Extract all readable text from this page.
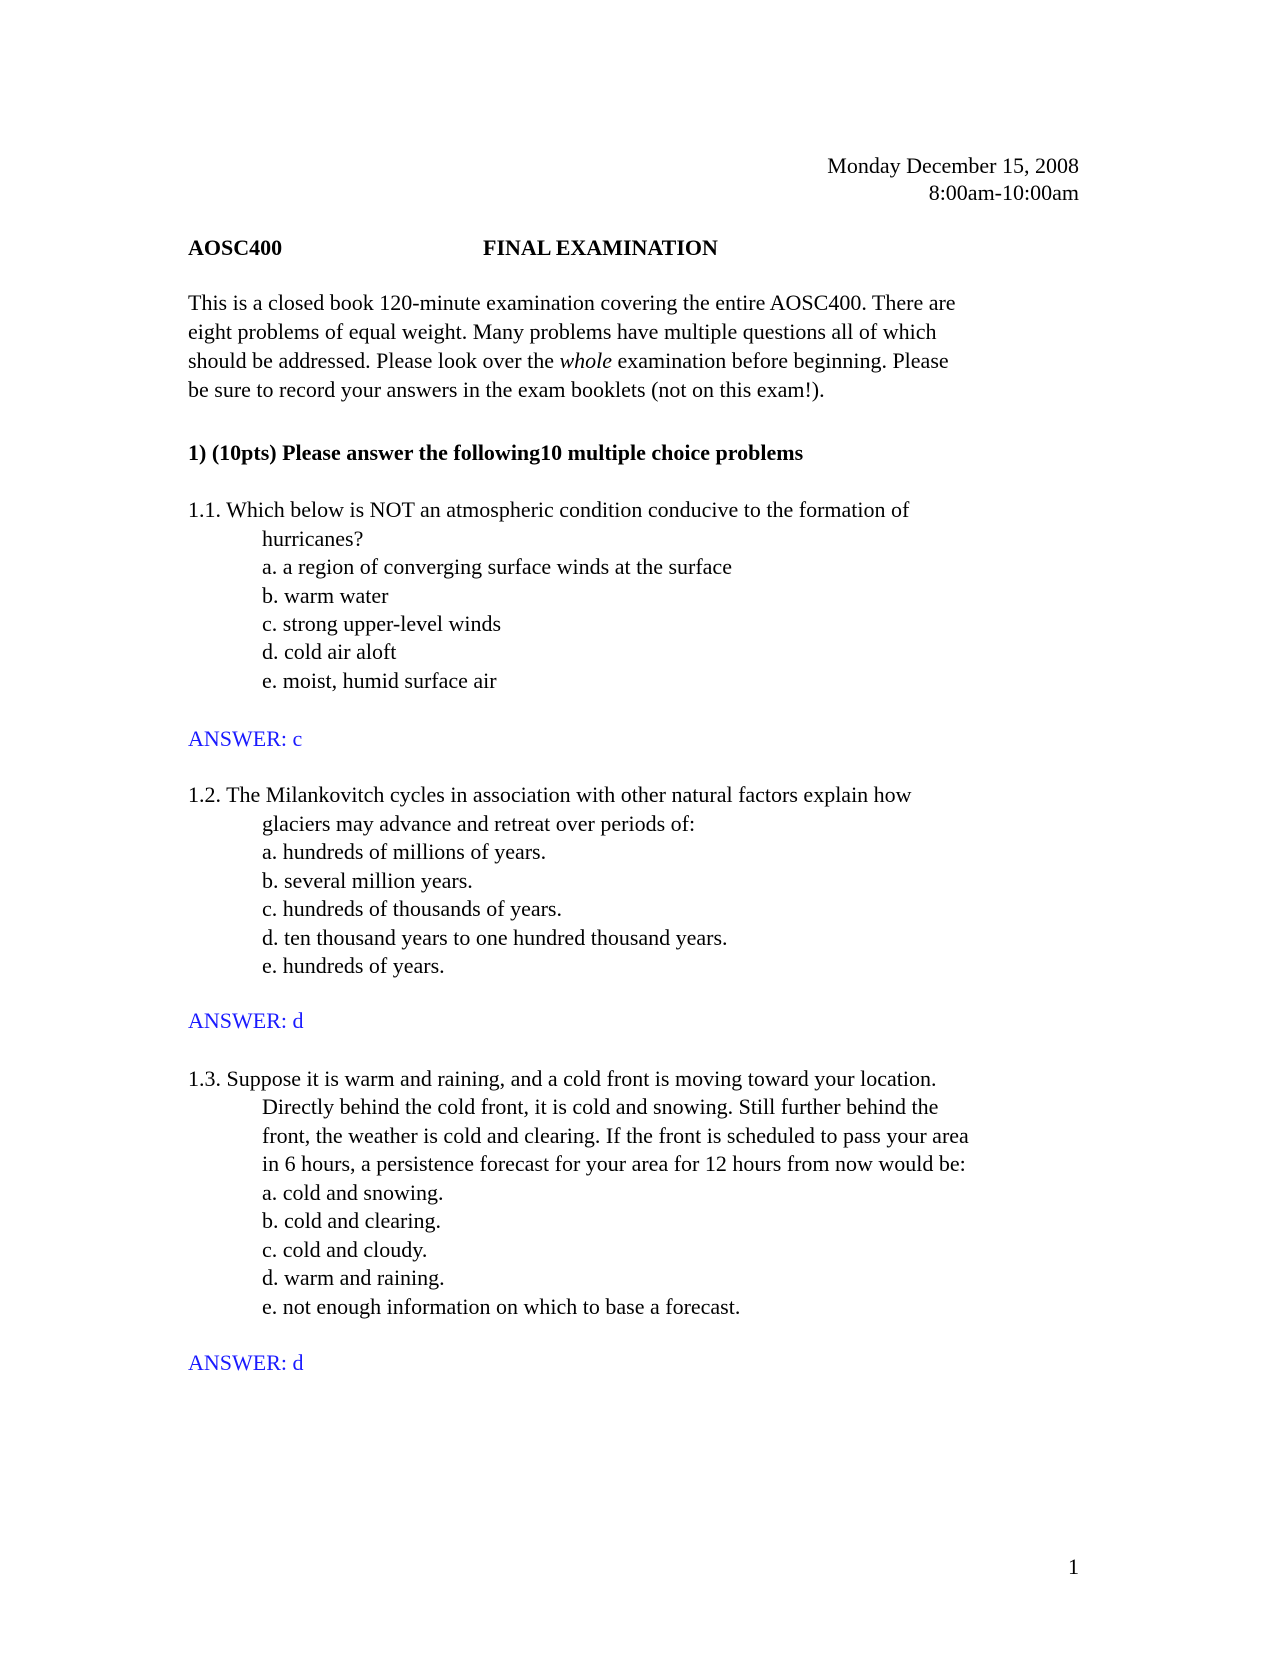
Monday December 15, 2008
8:00am-10:00am
AOSC400	FINAL EXAMINATION
This is a closed book 120-minute examination covering the entire AOSC400. There are
eight problems of equal weight. Many problems have multiple questions all of which
should be addressed. Please look over the whole examination before beginning. Please
be sure to record your answers in the exam booklets (not on this exam!).
1) (10pts) Please answer the following10 multiple choice problems
1.1. Which below is NOT an atmospheric condition conducive to the formation of
hurricanes?
a. a region of converging surface winds at the surface
b. warm water
c. strong upper-level winds
d. cold air aloft
e. moist, humid surface air
ANSWER: c
1.2. The Milankovitch cycles in association with other natural factors explain how
glaciers may advance and retreat over periods of:
a. hundreds of millions of years.
b. several million years.
c. hundreds of thousands of years.
d. ten thousand years to one hundred thousand years.
e. hundreds of years.
ANSWER: d
1.3. Suppose it is warm and raining, and a cold front is moving toward your location.
Directly behind the cold front, it is cold and snowing. Still further behind the
front, the weather is cold and clearing. If the front is scheduled to pass your area
in 6 hours, a persistence forecast for your area for 12 hours from now would be:
a. cold and snowing.
b. cold and clearing.
c. cold and cloudy.
d. warm and raining.
e. not enough information on which to base a forecast.
ANSWER: d
1
